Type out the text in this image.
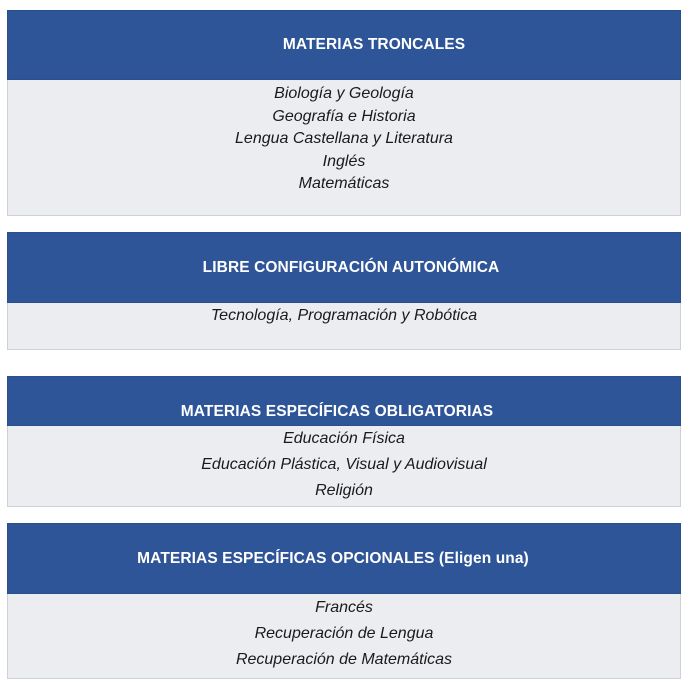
MATERIAS TRONCALES
Biología y Geología
Geografía e Historia
Lengua Castellana y Literatura
Inglés
Matemáticas
LIBRE CONFIGURACIÓN AUTONÓMICA
Tecnología, Programación y Robótica
MATERIAS ESPECÍFICAS OBLIGATORIAS
Educación Física
Educación Plástica, Visual y Audiovisual
Religión
MATERIAS ESPECÍFICAS OPCIONALES (Eligen una)
Francés
Recuperación de Lengua
Recuperación de Matemáticas
